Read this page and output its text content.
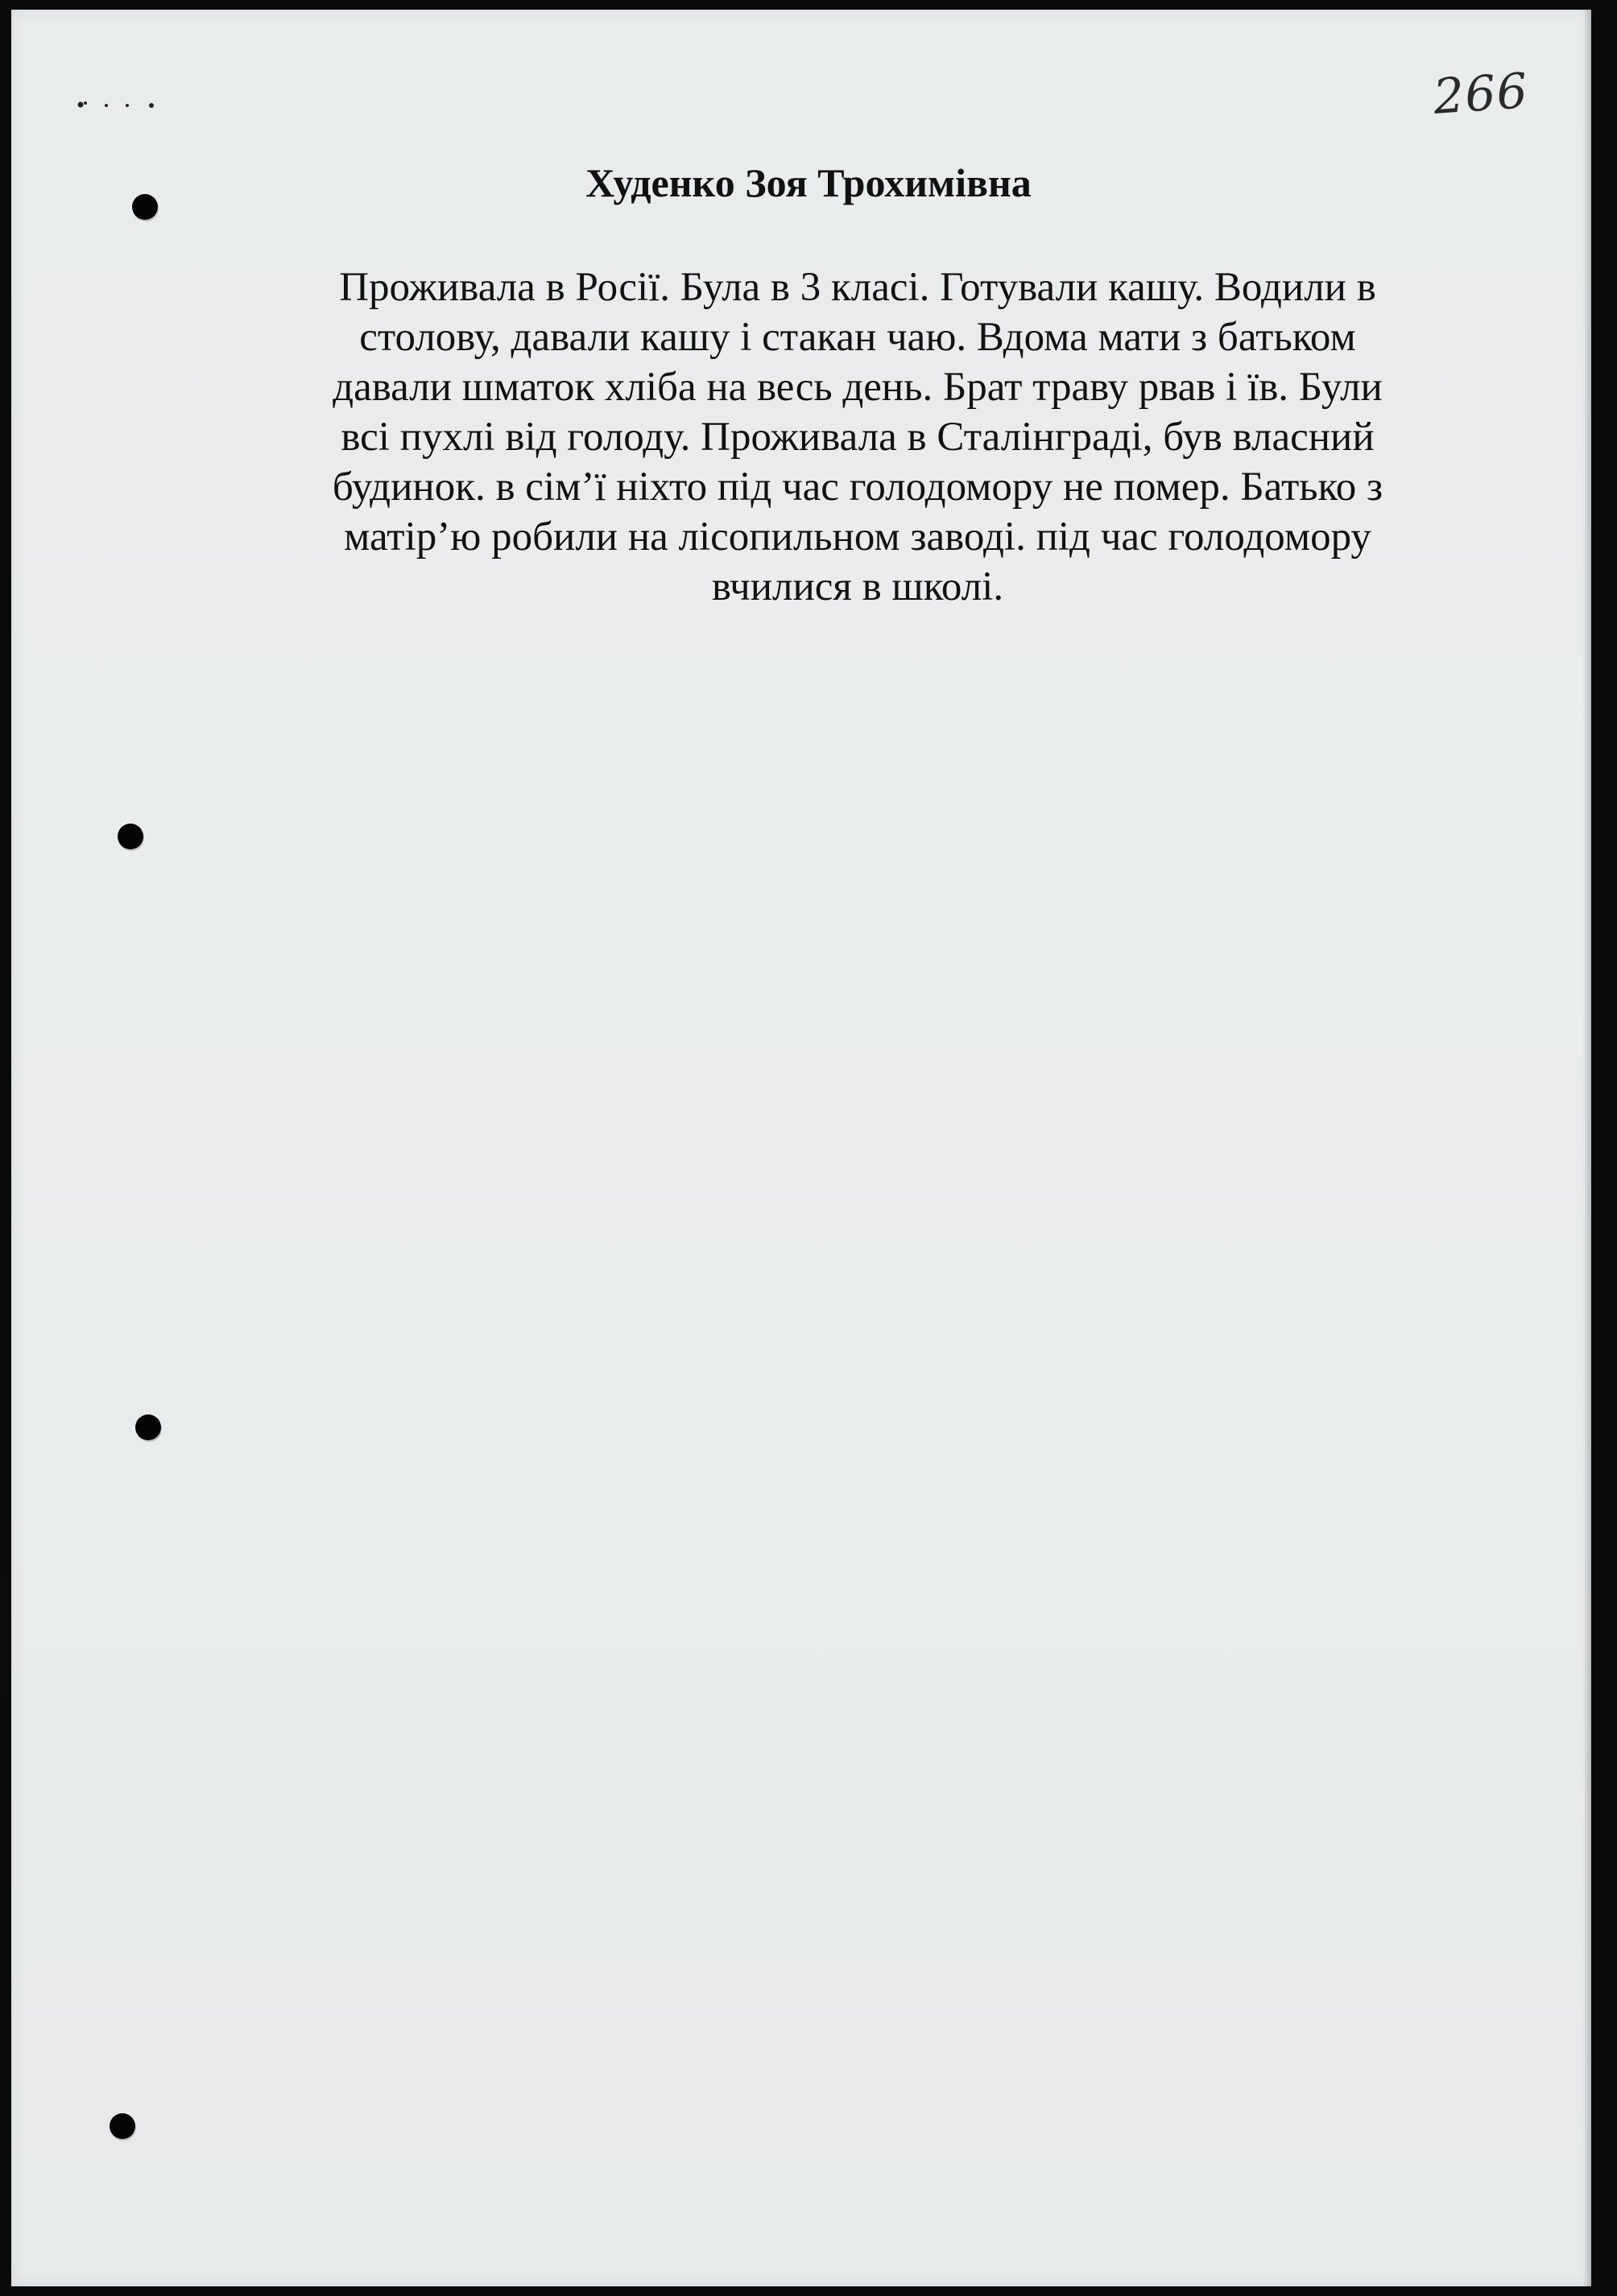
266
Худенко Зоя Трохимівна
Проживала в Росії. Була в 3 класі. Готували кашу. Водили в
столову, давали кашу і стакан чаю. Вдома мати з батьком
давали шматок хліба на весь день. Брат траву рвав і їв. Були
всі пухлі від голоду. Проживала в Сталінграді, був власний
будинок. в сім’ї ніхто під час голодомору не помер. Батько з
матір’ю робили на лісопильном заводі. під час голодомору
вчилися в школі.
